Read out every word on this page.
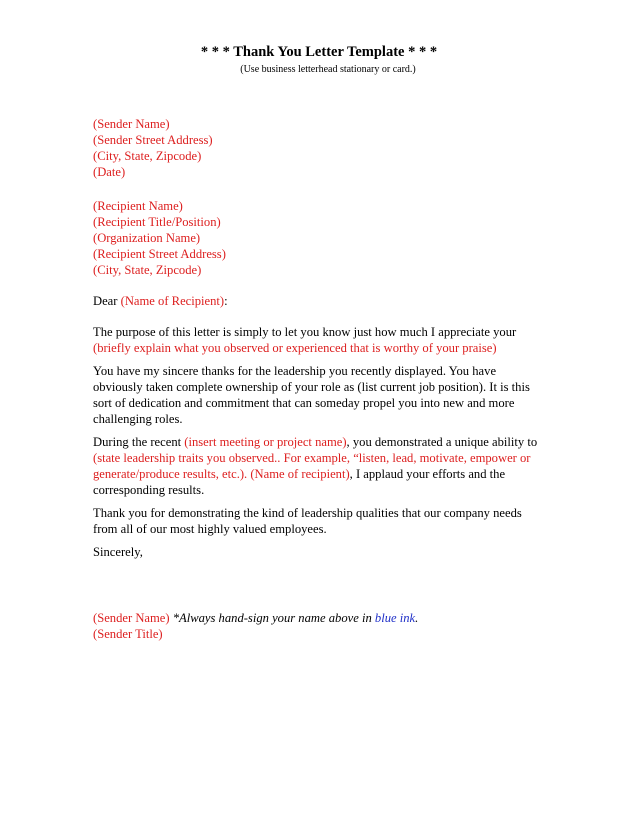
* * * Thank You Letter Template * * *
(Use business letterhead stationary or card.)
(Sender Name)
(Sender Street Address)
(City, State, Zipcode)
(Date)
(Recipient Name)
(Recipient Title/Position)
(Organization Name)
(Recipient Street Address)
(City, State, Zipcode)
Dear (Name of Recipient):
The purpose of this letter is simply to let you know just how much I appreciate your
(briefly explain what you observed or experienced that is worthy of your praise)
You have my sincere thanks for the leadership you recently displayed. You have
obviously taken complete ownership of your role as (list current job position). It is this
sort of dedication and commitment that can someday propel you into new and more
challenging roles.
During the recent (insert meeting or project name), you demonstrated a unique ability to
(state leadership traits you observed.. For example, “listen, lead, motivate, empower or
generate/produce results, etc.). (Name of recipient), I applaud your efforts and the
corresponding results.
Thank you for demonstrating the kind of leadership qualities that our company needs
from all of our most highly valued employees.
Sincerely,
(Sender Name) *Always hand-sign your name above in blue ink.
(Sender Title)
